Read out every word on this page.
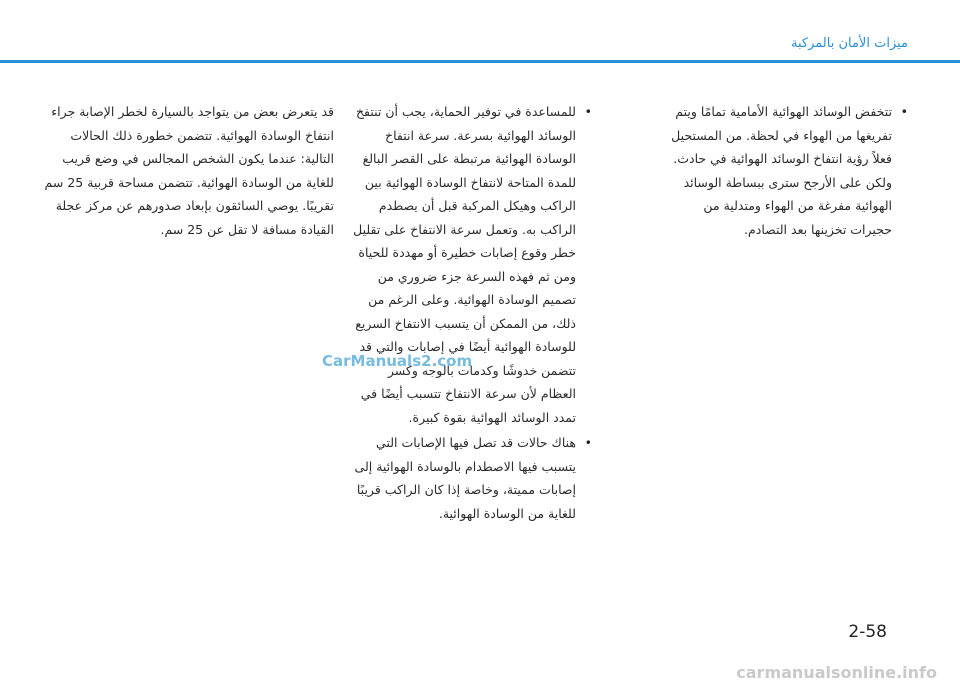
ميزات الأمان بالمركبة

• تتخفض الوسائد الهوائية الأمامية تمامًا ويتم تفريغها من الهواء في لحظة. من المستحيل فعلاً رؤية انتفاخ الوسائد الهوائية في حادث. ولكن على الأرجح سترى ببساطة الوسائد الهوائية مفرغة من الهواء ومتدلية من حجيرات تخزينها بعد التصادم.

• للمساعدة في توفير الحماية، يجب أن تنتفخ الوسائد الهوائية بسرعة. سرعة انتفاخ الوسادة الهوائية مرتبطة على القصر البالغ للمدة المتاحة لانتفاخ الوسادة الهوائية بين الراكب وهيكل المركبة قبل أن يصطدم الراكب به. وتعمل سرعة الانتفاخ على تقليل خطر وقوع إصابات خطيرة أو مهددة للحياة ومن ثم فهذه السرعة جزء ضروري من تصميم الوسادة الهوائية. وعلى الرغم من ذلك، من الممكن أن يتسبب الانتفاخ السريع للوسادة الهوائية أيضًا في إصابات والتي قد تتضمن خدوشًا وكدمات بالوجه وكسر العظام لأن سرعة الانتفاخ تتسبب أيضًا في تمدد الوسائد الهوائية بقوة كبيرة.

• هناك حالات قد تصل فيها الإصابات التي يتسبب فيها الاصطدام بالوسادة الهوائية إلى إصابات مميتة، وخاصة إذا كان الراكب قريبًا للغاية من الوسادة الهوائية.

قد يتعرض بعض من يتواجد بالسيارة لخطر الإصابة جراء انتفاخ الوسادة الهوائية. تتضمن خطورة ذلك الحالات التالية: عندما يكون الشخص المجالس في وضع قريب للغاية من الوسادة الهوائية. تتضمن مساحة قربية 25 سم تقريبًا. يوصي السائقون بإبعاد صدورهم عن مركز عجلة القيادة مسافة لا تقل عن 25 سم.

CarManuals2.com
2-58
carmanualsonline.info
